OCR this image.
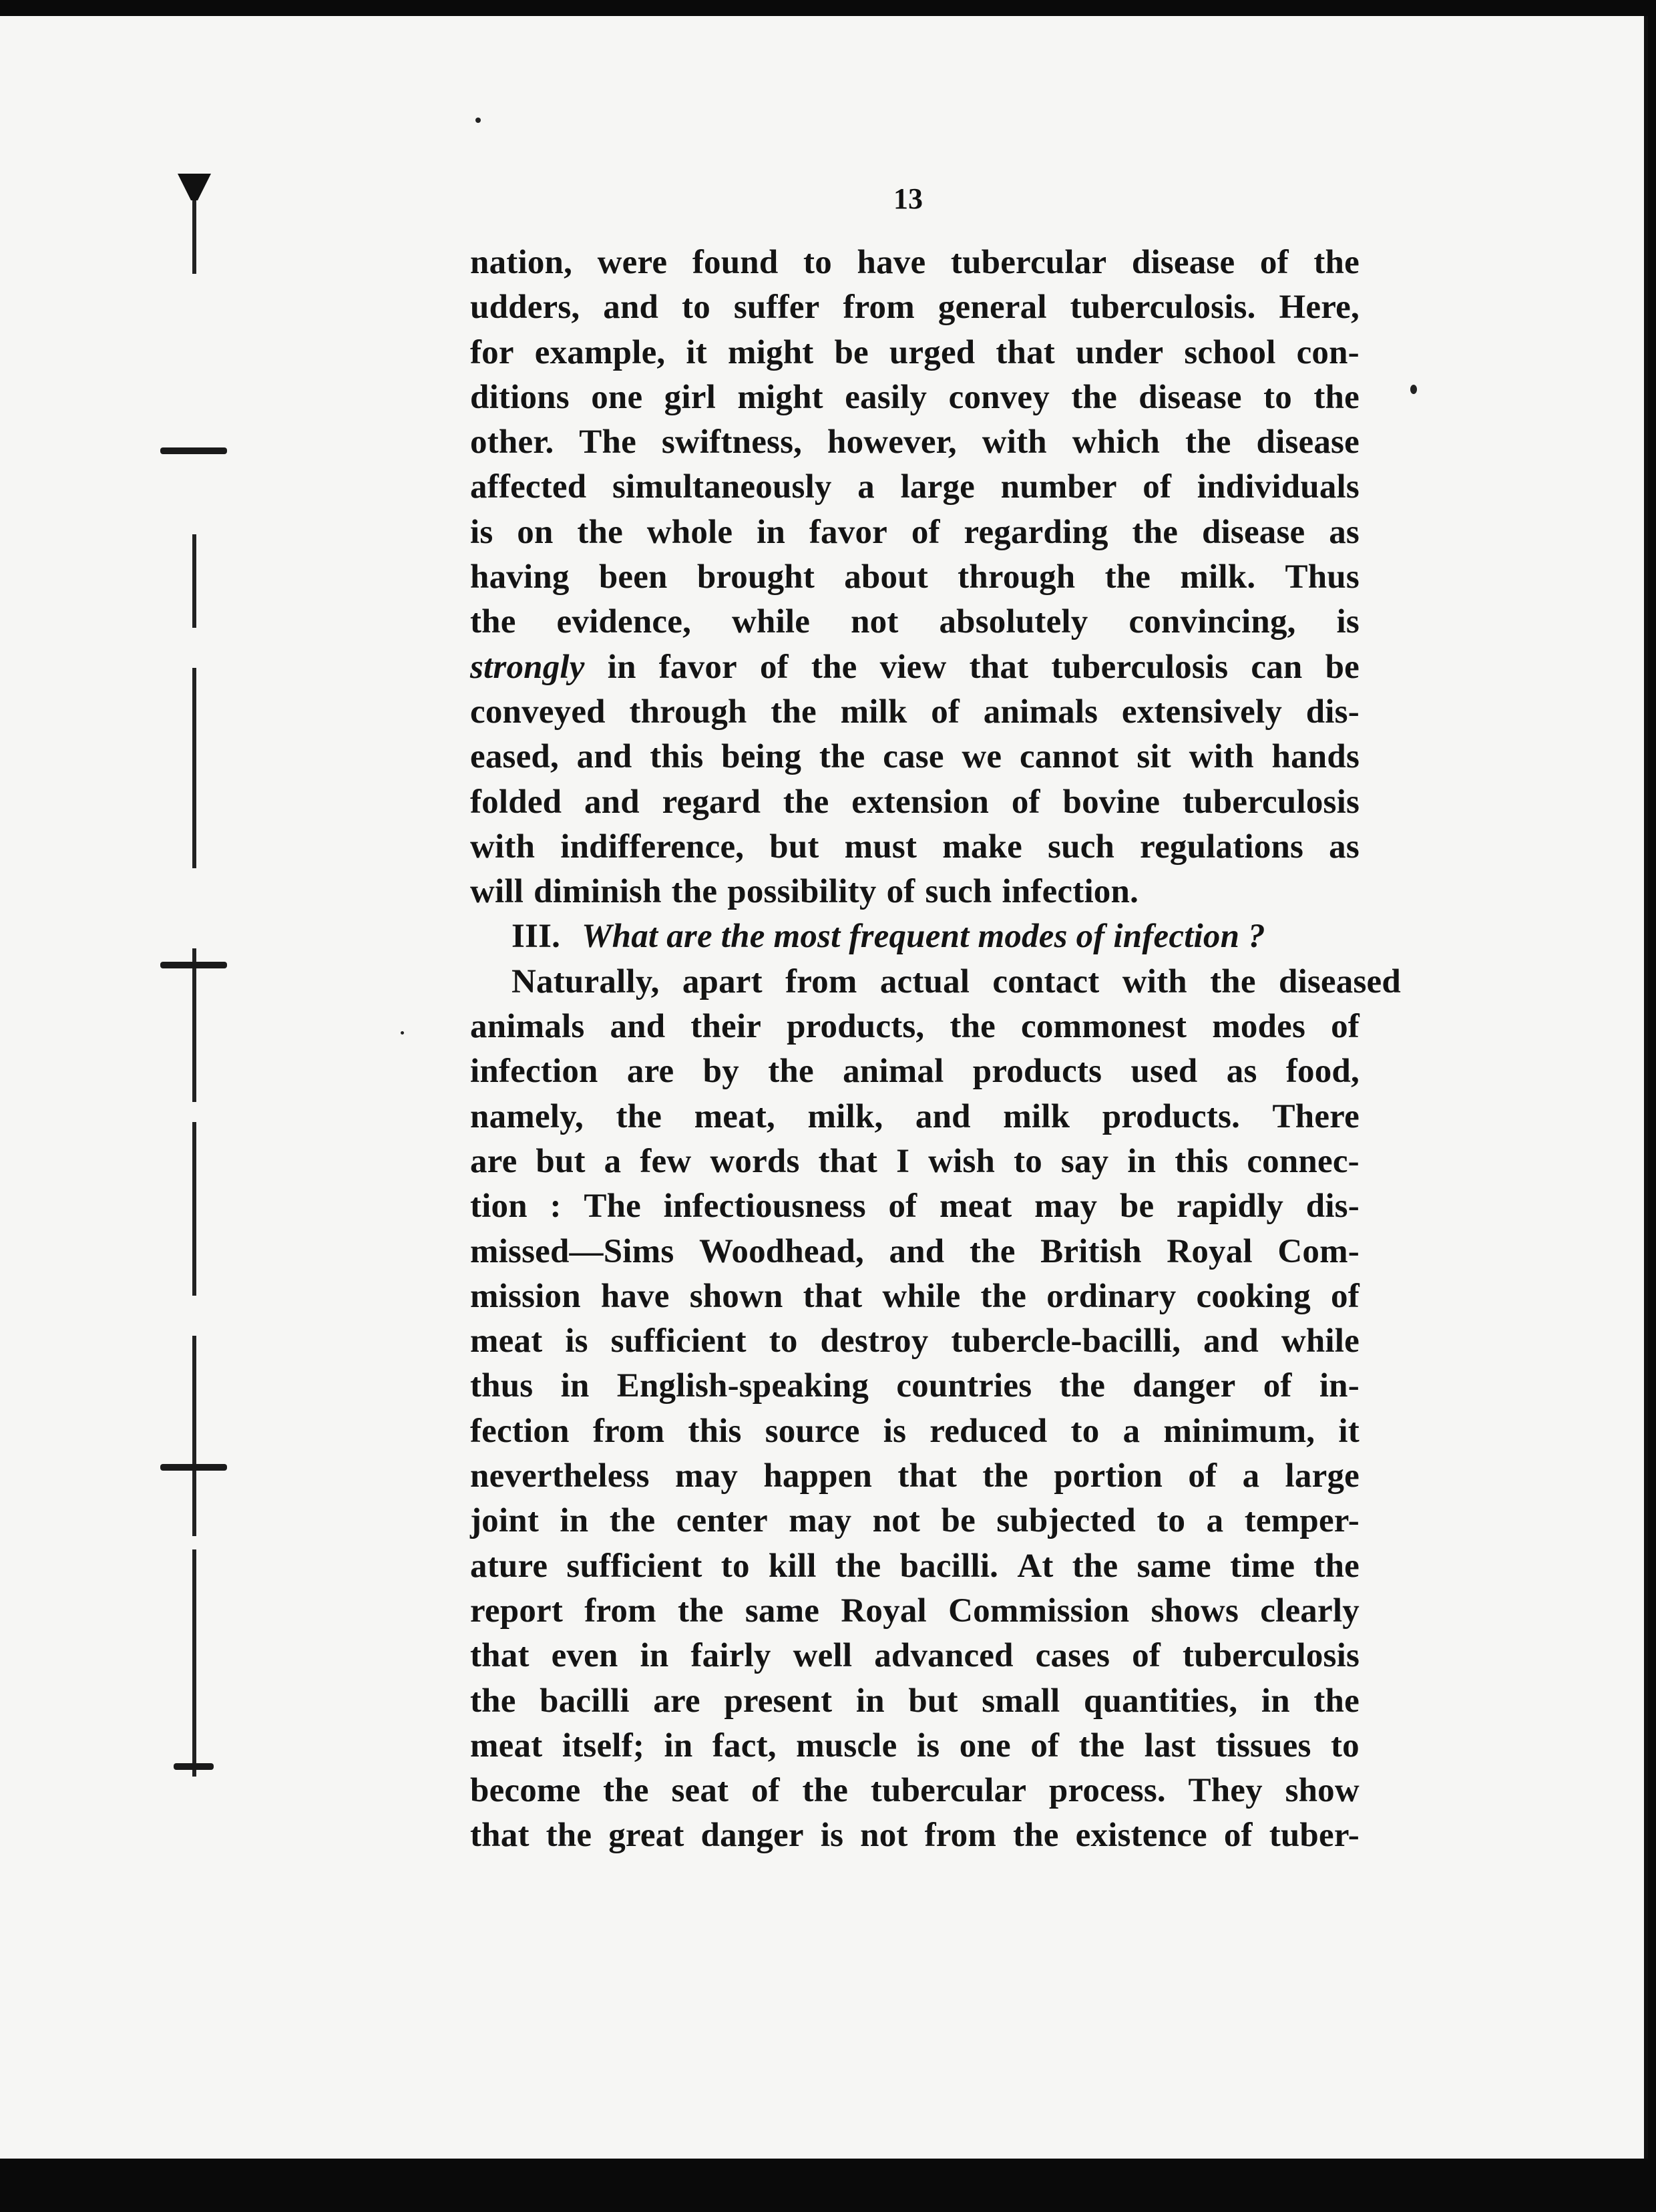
13
nation, were found to have tubercular disease of the
udders, and to suffer from general tuberculosis. Here,
for example, it might be urged that under school con-
ditions one girl might easily convey the disease to the
other. The swiftness, however, with which the disease
affected simultaneously a large number of individuals
is on the whole in favor of regarding the disease as
having been brought about through the milk. Thus
the evidence, while not absolutely convincing, is
strongly in favor of the view that tuberculosis can be
conveyed through the milk of animals extensively dis-
eased, and this being the case we cannot sit with hands
folded and regard the extension of bovine tuberculosis
with indifference, but must make such regulations as
will diminish the possibility of such infection.
III. What are the most frequent modes of infection ?
Naturally, apart from actual contact with the diseased
animals and their products, the commonest modes of
infection are by the animal products used as food,
namely, the meat, milk, and milk products. There
are but a few words that I wish to say in this connec-
tion : The infectiousness of meat may be rapidly dis-
missed—Sims Woodhead, and the British Royal Com-
mission have shown that while the ordinary cooking of
meat is sufficient to destroy tubercle-bacilli, and while
thus in English-speaking countries the danger of in-
fection from this source is reduced to a minimum, it
nevertheless may happen that the portion of a large
joint in the center may not be subjected to a temper-
ature sufficient to kill the bacilli. At the same time the
report from the same Royal Commission shows clearly
that even in fairly well advanced cases of tuberculosis
the bacilli are present in but small quantities, in the
meat itself; in fact, muscle is one of the last tissues to
become the seat of the tubercular process. They show
that the great danger is not from the existence of tuber-
